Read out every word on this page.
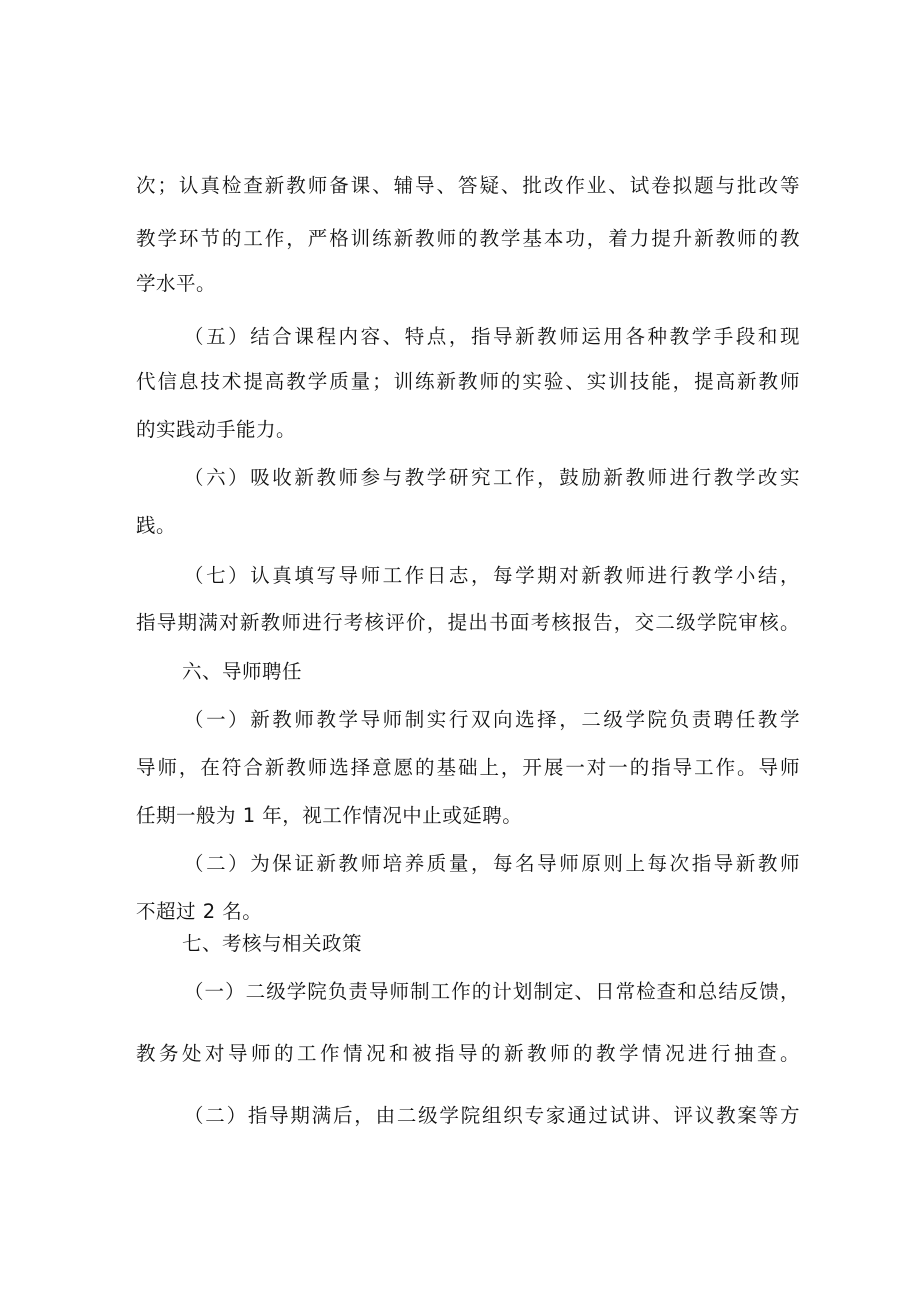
次；认真检查新教师备课、辅导、答疑、批改作业、试卷拟题与批改等
教学环节的工作，严格训练新教师的教学基本功，着力提升新教师的教
学水平。
（五）结合课程内容、特点，指导新教师运用各种教学手段和现
代信息技术提高教学质量；训练新教师的实验、实训技能，提高新教师
的实践动手能力。
（六）吸收新教师参与教学研究工作，鼓励新教师进行教学改实
践。
（七）认真填写导师工作日志，每学期对新教师进行教学小结，
指导期满对新教师进行考核评价，提出书面考核报告，交二级学院审核。
六、导师聘任
（一）新教师教学导师制实行双向选择，二级学院负责聘任教学
导师，在符合新教师选择意愿的基础上，开展一对一的指导工作。导师
任期一般为 1 年，视工作情况中止或延聘。
（二）为保证新教师培养质量，每名导师原则上每次指导新教师
不超过 2 名。
七、考核与相关政策
（一）二级学院负责导师制工作的计划制定、日常检查和总结反馈，
教务处对导师的工作情况和被指导的新教师的教学情况进行抽查。
（二）指导期满后，由二级学院组织专家通过试讲、评议教案等方
